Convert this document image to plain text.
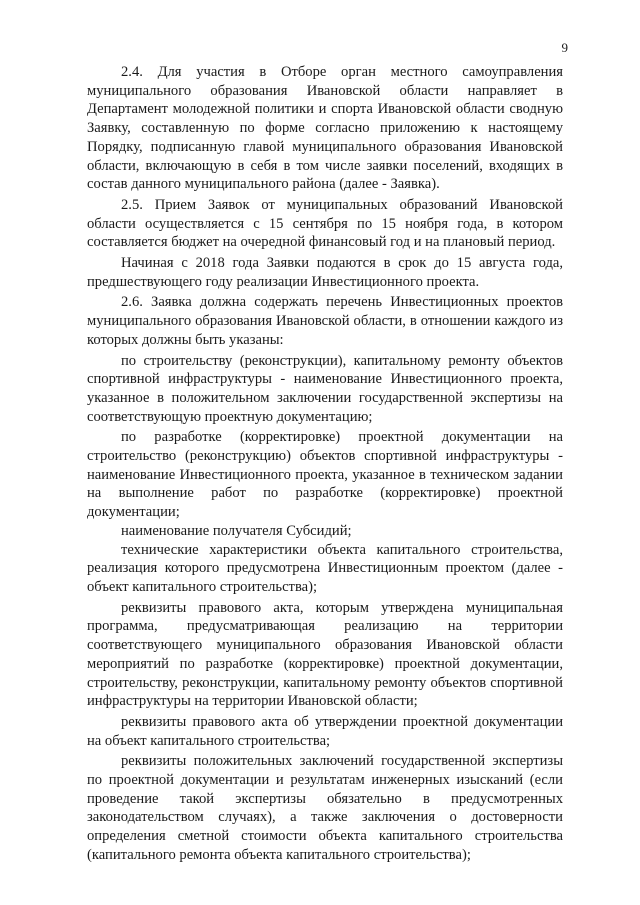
9

2.4. Для участия в Отборе орган местного самоуправления муниципального образования Ивановской области направляет в Департамент молодежной политики и спорта Ивановской области сводную Заявку, составленную по форме согласно приложению к настоящему Порядку, подписанную главой муниципального образования Ивановской области, включающую в себя в том числе заявки поселений, входящих в состав данного муниципального района (далее - Заявка).

2.5. Прием Заявок от муниципальных образований Ивановской области осуществляется с 15 сентября по 15 ноября года, в котором составляется бюджет на очередной финансовый год и на плановый период.

Начиная с 2018 года Заявки подаются в срок до 15 августа года, предшествующего году реализации Инвестиционного проекта.

2.6. Заявка должна содержать перечень Инвестиционных проектов муниципального образования Ивановской области, в отношении каждого из которых должны быть указаны:

по строительству (реконструкции), капитальному ремонту объектов спортивной инфраструктуры - наименование Инвестиционного проекта, указанное в положительном заключении государственной экспертизы на соответствующую проектную документацию;

по разработке (корректировке) проектной документации на строительство (реконструкцию) объектов спортивной инфраструктуры - наименование Инвестиционного проекта, указанное в техническом задании на выполнение работ по разработке (корректировке) проектной документации;

наименование получателя Субсидий;

технические характеристики объекта капитального строительства, реализация которого предусмотрена Инвестиционным проектом (далее - объект капитального строительства);

реквизиты правового акта, которым утверждена муниципальная программа, предусматривающая реализацию на территории соответствующего муниципального образования Ивановской области мероприятий по разработке (корректировке) проектной документации, строительству, реконструкции, капитальному ремонту объектов спортивной инфраструктуры на территории Ивановской области;

реквизиты правового акта об утверждении проектной документации на объект капитального строительства;

реквизиты положительных заключений государственной экспертизы по проектной документации и результатам инженерных изысканий (если проведение такой экспертизы обязательно в предусмотренных законодательством случаях), а также заключения о достоверности определения сметной стоимости объекта капитального строительства (капитального ремонта объекта капитального строительства);
